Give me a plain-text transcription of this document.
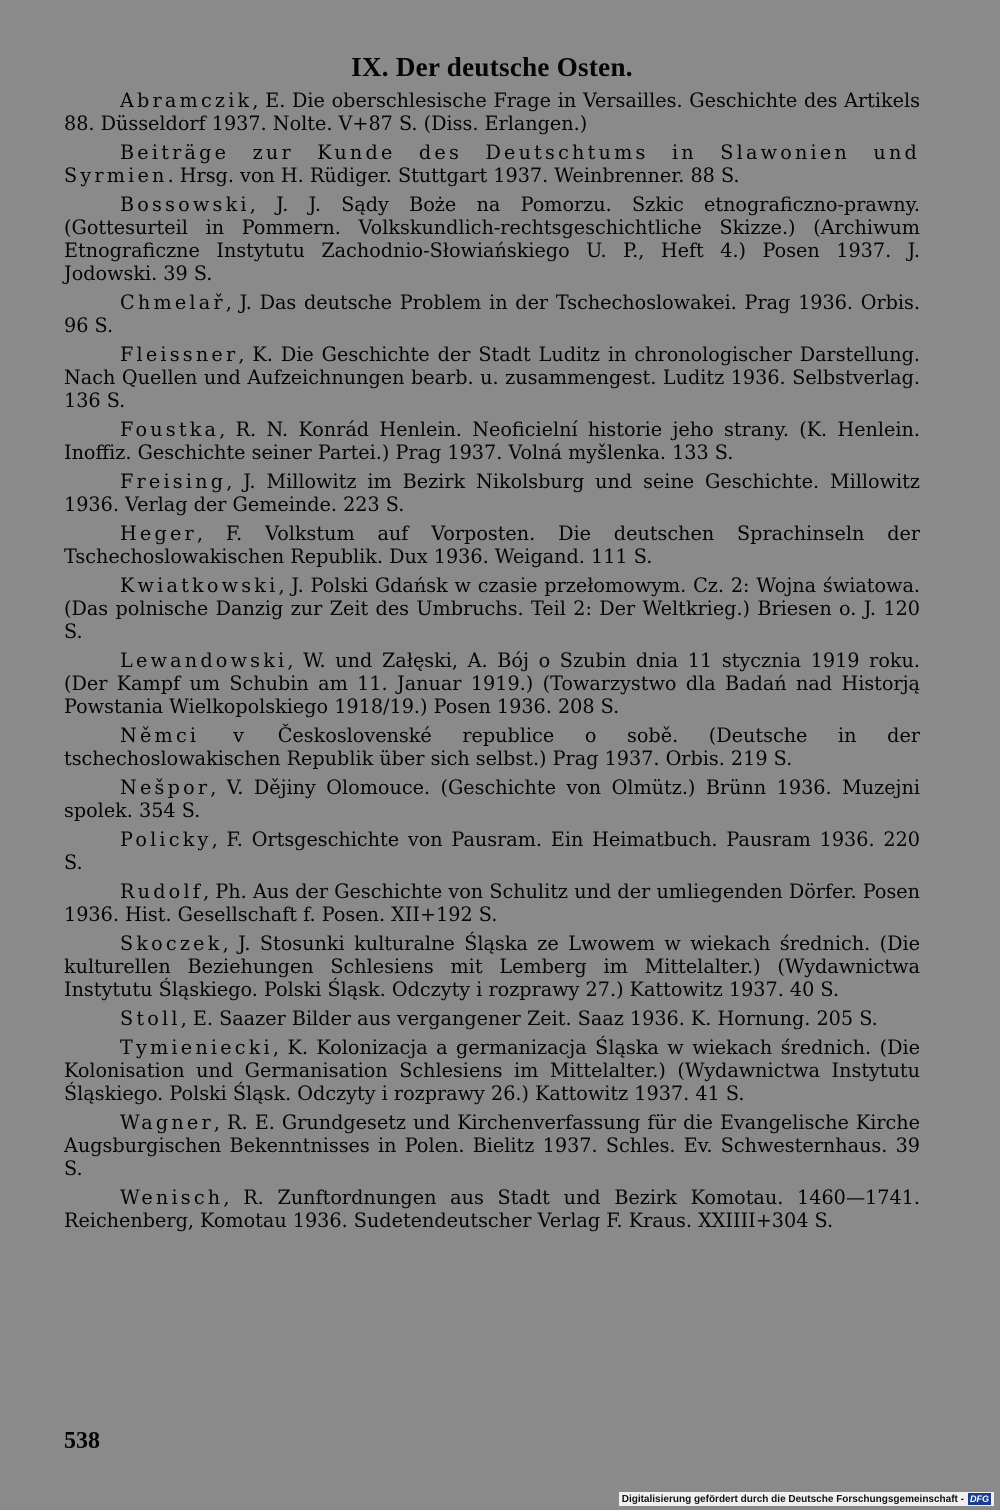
IX. Der deutsche Osten.

Abramczik, E. Die oberschlesische Frage in Versailles. Geschichte des Artikels 88. Düsseldorf 1937. Nolte. V+87 S. (Diss. Erlangen.)

Beiträge zur Kunde des Deutschtums in Slawonien und Syrmien. Hrsg. von H. Rüdiger. Stuttgart 1937. Weinbrenner. 88 S.

Bossowski, J. J. Sądy Boże na Pomorzu. Szkic etnograficzno-prawny. (Gottesurteil in Pommern. Volkskundlich-rechtsgeschichtliche Skizze.) (Archiwum Etnograficzne Instytutu Zachodnio-Słowiańskiego U. P., Heft 4.) Posen 1937. J. Jodowski. 39 S.

Chmelař, J. Das deutsche Problem in der Tschechoslowakei. Prag 1936. Orbis. 96 S.

Fleissner, K. Die Geschichte der Stadt Luditz in chronologischer Darstellung. Nach Quellen und Aufzeichnungen bearb. u. zusammengest. Luditz 1936. Selbstverlag. 136 S.

Foustka, R. N. Konrád Henlein. Neoficielní historie jeho strany. (K. Henlein. Inoffiz. Geschichte seiner Partei.) Prag 1937. Volná myšlenka. 133 S.

Freising, J. Millowitz im Bezirk Nikolsburg und seine Geschichte. Millowitz 1936. Verlag der Gemeinde. 223 S.

Heger, F. Volkstum auf Vorposten. Die deutschen Sprachinseln der Tschechoslowakischen Republik. Dux 1936. Weigand. 111 S.

Kwiatkowski, J. Polski Gdańsk w czasie przełomowym. Cz. 2: Wojna światowa. (Das polnische Danzig zur Zeit des Umbruchs. Teil 2: Der Weltkrieg.) Briesen o. J. 120 S.

Lewandowski, W. und Załęski, A. Bój o Szubin dnia 11 stycznia 1919 roku. (Der Kampf um Schubin am 11. Januar 1919.) (Towarzystwo dla Badań nad Historją Powstania Wielkopolskiego 1918/19.) Posen 1936. 208 S.

Němci v Československé republice o sobě. (Deutsche in der tschechoslowakischen Republik über sich selbst.) Prag 1937. Orbis. 219 S.

Nešpor, V. Dějiny Olomouce. (Geschichte von Olmütz.) Brünn 1936. Muzejni spolek. 354 S.

Policky, F. Ortsgeschichte von Pausram. Ein Heimatbuch. Pausram 1936. 220 S.

Rudolf, Ph. Aus der Geschichte von Schulitz und der umliegenden Dörfer. Posen 1936. Hist. Gesellschaft f. Posen. XII+192 S.

Skoczek, J. Stosunki kulturalne Śląska ze Lwowem w wiekach średnich. (Die kulturellen Beziehungen Schlesiens mit Lemberg im Mittelalter.) (Wydawnictwa Instytutu Śląskiego. Polski Śląsk. Odczyty i rozprawy 27.) Kattowitz 1937. 40 S.

Stoll, E. Saazer Bilder aus vergangener Zeit. Saaz 1936. K. Hornung. 205 S.

Tymieniecki, K. Kolonizacja a germanizacja Śląska w wiekach średnich. (Die Kolonisation und Germanisation Schlesiens im Mittelalter.) (Wydawnictwa Instytutu Śląskiego. Polski Śląsk. Odczyty i rozprawy 26.) Kattowitz 1937. 41 S.

Wagner, R. E. Grundgesetz und Kirchenverfassung für die Evangelische Kirche Augsburgischen Bekenntnisses in Polen. Bielitz 1937. Schles. Ev. Schwesternhaus. 39 S.

Wenisch, R. Zunftordnungen aus Stadt und Bezirk Komotau. 1460—1741. Reichenberg, Komotau 1936. Sudetendeutscher Verlag F. Kraus. XXIIII+304 S.

538
Digitalisierung gefördert durch die Deutsche Forschungsgemeinschaft - DFG
